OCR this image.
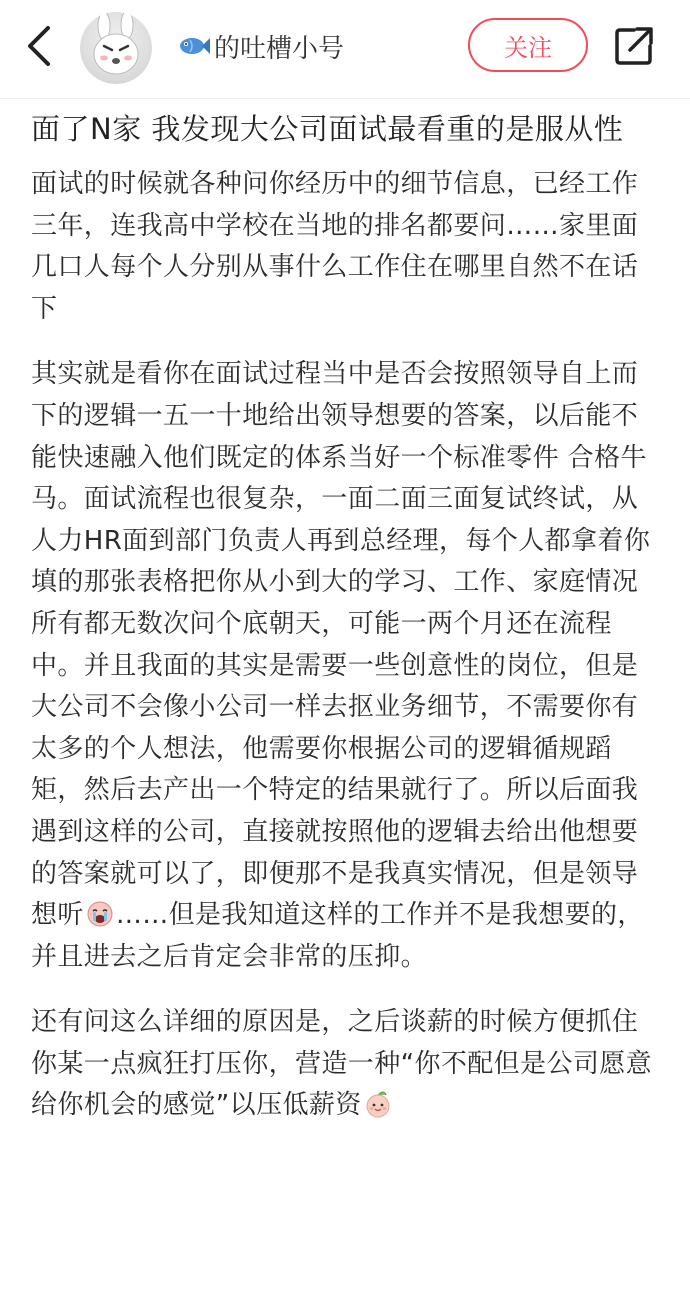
的吐槽小号	关注
面了N家 我发现大公司面试最看重的是服从性

面试的时候就各种问你经历中的细节信息，已经工作三年，连我高中学校在当地的排名都要问……家里面几口人每个人分别从事什么工作住在哪里自然不在话下

其实就是看你在面试过程当中是否会按照领导自上而下的逻辑一五一十地给出领导想要的答案，以后能不能快速融入他们既定的体系当好一个标准零件 合格牛马。面试流程也很复杂，一面二面三面复试终试，从人力HR面到部门负责人再到总经理，每个人都拿着你填的那张表格把你从小到大的学习、工作、家庭情况所有都无数次问个底朝天，可能一两个月还在流程中。并且我面的其实是需要一些创意性的岗位，但是大公司不会像小公司一样去抠业务细节，不需要你有太多的个人想法，他需要你根据公司的逻辑循规蹈矩，然后去产出一个特定的结果就行了。所以后面我遇到这样的公司，直接就按照他的逻辑去给出他想要的答案就可以了，即便那不是我真实情况，但是领导想听 ……但是我知道这样的工作并不是我想要的，并且进去之后肯定会非常的压抑。

还有问这么详细的原因是，之后谈薪的时候方便抓住你某一点疯狂打压你，营造一种“你不配但是公司愿意给你机会的感觉”以压低薪资
